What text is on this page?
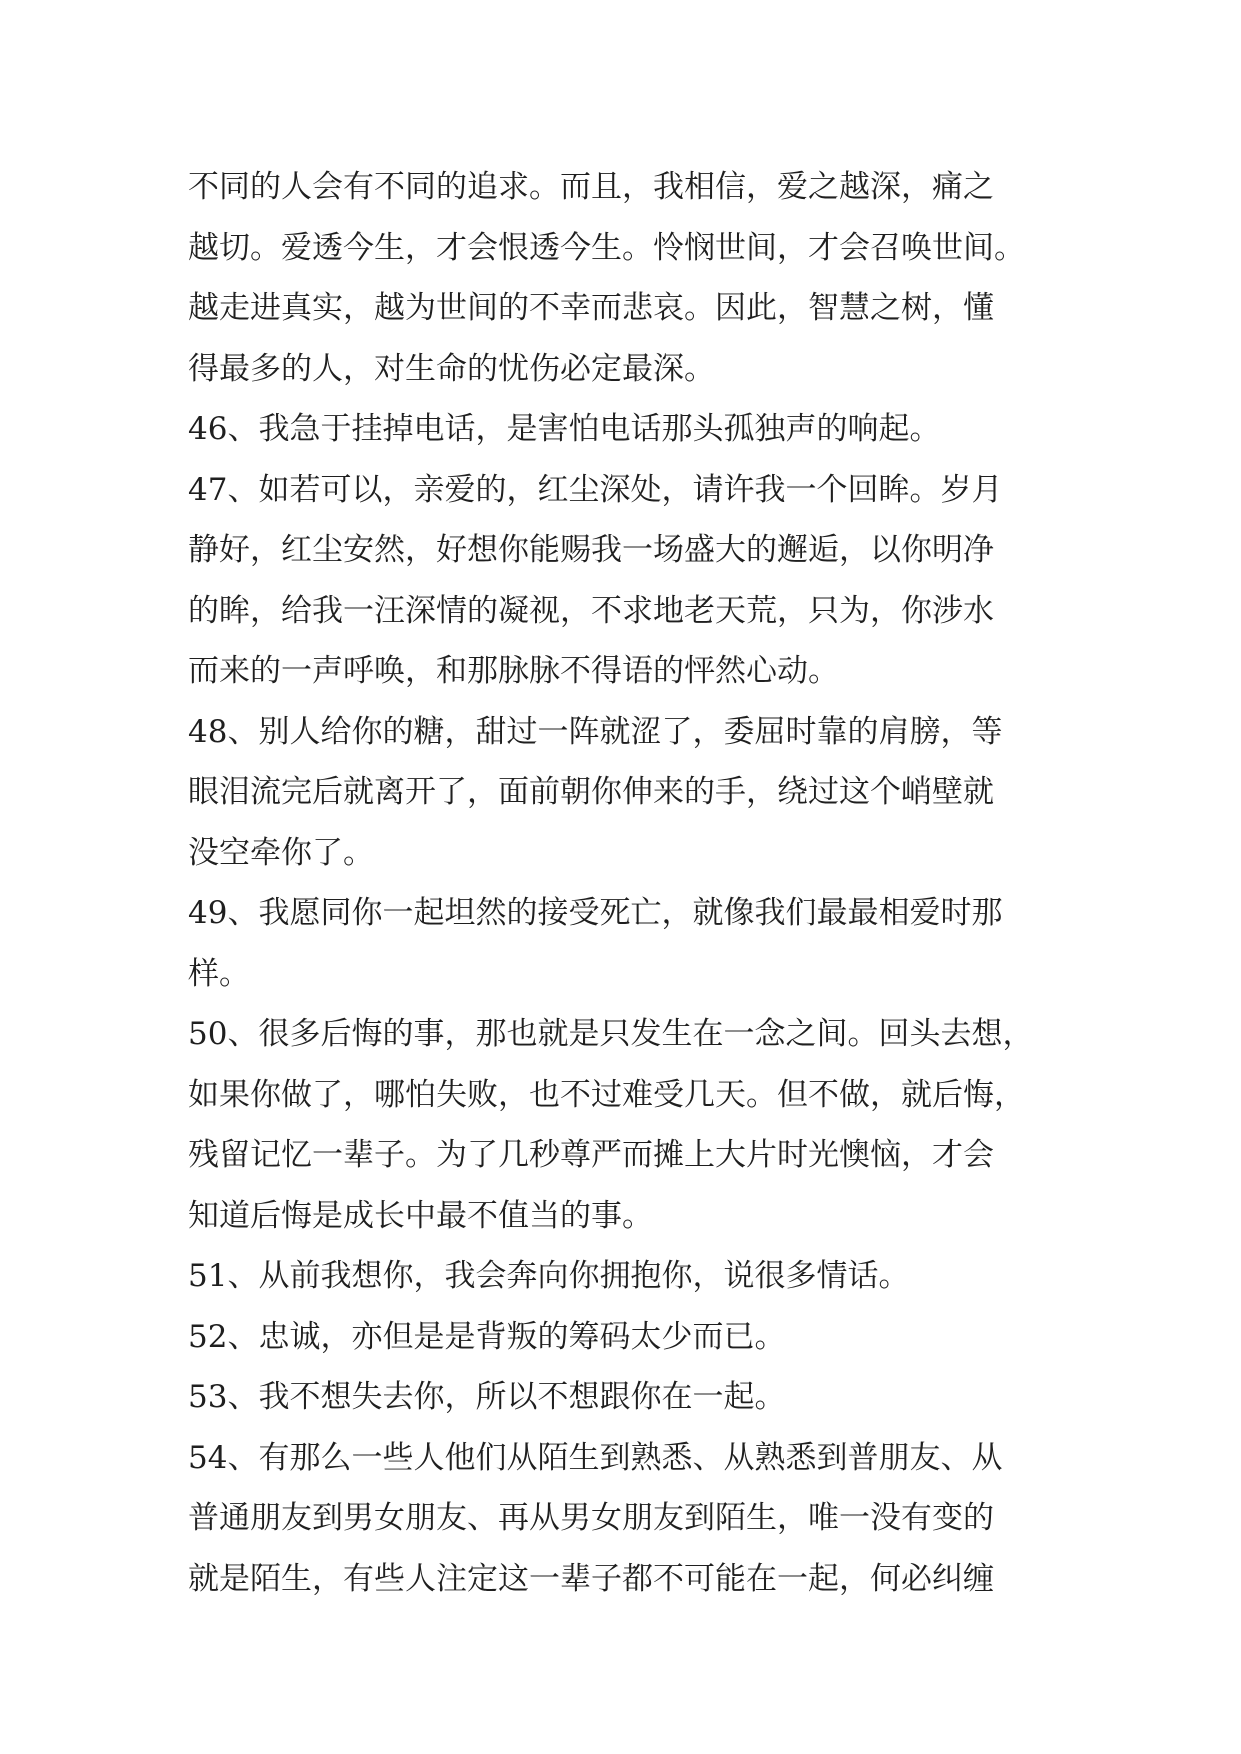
不同的人会有不同的追求。而且，我相信，爱之越深，痛之
越切。爱透今生，才会恨透今生。怜悯世间，才会召唤世间。
越走进真实，越为世间的不幸而悲哀。因此，智慧之树，懂
得最多的人，对生命的忧伤必定最深。
46、我急于挂掉电话，是害怕电话那头孤独声的响起。
47、如若可以，亲爱的，红尘深处，请许我一个回眸。岁月
静好，红尘安然，好想你能赐我一场盛大的邂逅，以你明净
的眸，给我一汪深情的凝视，不求地老天荒，只为，你涉水
而来的一声呼唤，和那脉脉不得语的怦然心动。
48、别人给你的糖，甜过一阵就涩了，委屈时靠的肩膀，等
眼泪流完后就离开了，面前朝你伸来的手，绕过这个峭壁就
没空牵你了。
49、我愿同你一起坦然的接受死亡，就像我们最最相爱时那
样。
50、很多后悔的事，那也就是只发生在一念之间。回头去想，
如果你做了，哪怕失败，也不过难受几天。但不做，就后悔，
残留记忆一辈子。为了几秒尊严而摊上大片时光懊恼，才会
知道后悔是成长中最不值当的事。
51、从前我想你，我会奔向你拥抱你，说很多情话。
52、忠诚，亦但是是背叛的筹码太少而已。
53、我不想失去你，所以不想跟你在一起。
54、有那么一些人他们从陌生到熟悉、从熟悉到普朋友、从
普通朋友到男女朋友、再从男女朋友到陌生，唯一没有变的
就是陌生，有些人注定这一辈子都不可能在一起，何必纠缠
